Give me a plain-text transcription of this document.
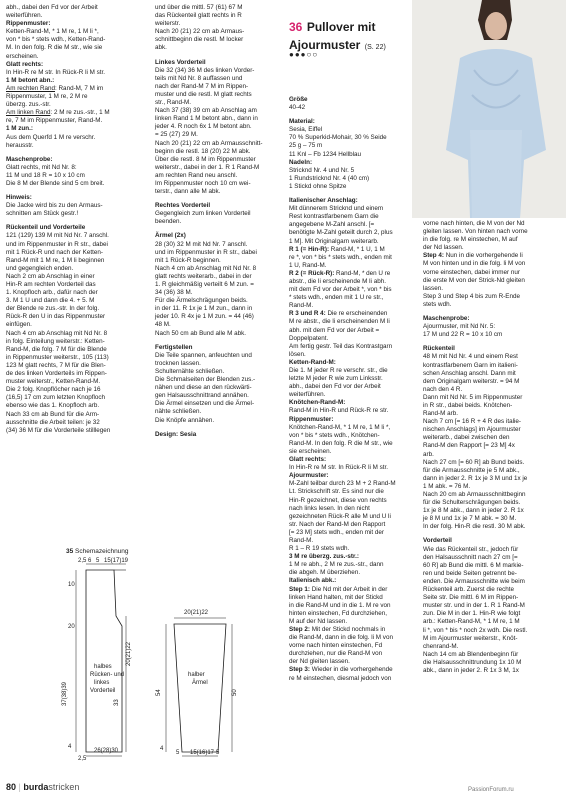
abh., dabei den Fd vor der Arbeit

weiterführen.

Rippenmuster:

Ketten-Rand-M, * 1 M re, 1 M li *,

von * bis * stets wdh., Ketten-Rand-

M. In den folg. R die M str., wie sie

erscheinen.

Glatt rechts:

In Hin-R re M str. In Rück-R li M str.

1 M betont abn.:

Am rechten Rand: Rand-M, 7 M im

Rippenmuster, 1 M re, 2 M re

überzg. zus.-str.

Am linken Rand: 2 M re zus.-str., 1 M

re, 7 M im Rippenmuster, Rand-M.

1 M zun.:

Aus dem Querfd 1 M re verschr.

herausstr.

Maschenprobe:

Glatt rechts, mit Nd Nr. 8:

11 M und 18 R = 10 x 10 cm

Die 8 M der Blende sind 5 cm breit.

Hinweis:

Die Jacke wird bis zu den Armaus-

schnitten am Stück gestr.!

Rückenteil und Vorderteile

121 (129) 139 M mit Nd Nr. 7 anschl.

und im Rippenmuster in R str., dabei

mit 1 Rück-R und nach der Ketten-

Rand-M mit 1 M re, 1 M li beginnen

und gegengleich enden.

Nach 2 cm ab Anschlag in einer

Hin-R am rechten Vorderteil das

1. Knopfloch arb., dafür nach der

3. M 1 U und dann die 4. + 5. M

der Blende re zus.-str. In der folg.

Rück-R den U in das Rippenmuster

einfügen.

Nach 4 cm ab Anschlag mit Nd Nr. 8

in folg. Einteilung weiterstr.: Ketten-

Rand-M, die folg. 7 M für die Blende

in Rippenmuster weiterstr., 105 (113)

123 M glatt rechts, 7 M für die Blen-

de des linken Vorderteils im Rippen-

muster weiterstr., Ketten-Rand-M.

Die 2 folg. Knopflöcher nach je 16

(16,5) 17 cm zum letzten Knopfloch

ebenso wie das 1. Knopfloch arb.

Nach 33 cm ab Bund für die Arm-

ausschnitte die Arbeit teilen: je 32

(34) 36 M für die Vorderteile stilllegen

und über die mittl. 57 (61) 67 M

das Rückenteil glatt rechts in R

weiterstr.

Nach 20 (21) 22 cm ab Armaus-

schnittbeginn die restl. M locker

abk.

Linkes Vorderteil

Die 32 (34) 36 M des linken Vorder-

teils mit Nd Nr. 8 auffassen und

nach der Rand-M 7 M im Rippen-

muster und die restl. M glatt rechts

str., Rand-M.

Nach 37 (38) 39 cm ab Anschlag am

linken Rand 1 M betont abn., dann in

jeder 4. R noch 6x 1 M betont abn.

= 25 (27) 29 M.

Nach 20 (21) 22 cm ab Armausschnitt-

beginn die restl. 18 (20) 22 M abk.

Über die restl. 8 M im Rippenmuster

weiterstr., dabei in der 1. R 1 Rand-M

am rechten Rand neu anschl.

Im Rippenmuster noch 10 cm wei-

terstr., dann alle M abk.

Rechtes Vorderteil

Gegengleich zum linken Vorderteil

beenden.

Ärmel (2x)

28 (30) 32 M mit Nd Nr. 7 anschl.

und im Rippenmuster in R str., dabei

mit 1 Rück-R beginnen.

Nach 4 cm ab Anschlag mit Nd Nr. 8

glatt rechts weiterarb., dabei in der

1. R gleichmäßig verteilt 6 M zun. =

34 (36) 38 M.

Für die Ärmelschrägungen beids.

in der 11. R 1x je 1 M zun., dann in

jeder 10. R 4x je 1 M zun. = 44 (46)

48 M.

Nach 50 cm ab Bund alle M abk.

Fertigstellen

Die Teile spannen, anfeuchten und

trocknen lassen.

Schulternähte schließen.

Die Schmalseiten der Blenden zus.-

nähen und diese an den rückwärti-

gen Halsausschnittrand annähen.

Die Ärmel einsetzen und die Ärmel-

nähte schließen.

Die Knöpfe annähen.

Design: Sesia

36 Pullover mit
Ajourmuster (S. 22)
●●●○○

Größe

40-42

Material:

Sesia, Eiffel

70 % Superkid-Mohair, 30 % Seide

25 g – 75 m

11 Knl – Fb 1234 Hellblau

Nadeln:

Stricknd Nr. 4 und Nr. 5

1 Rundstricknd Nr. 4 (40 cm)

1 Stickd ohne Spitze

Italienischer Anschlag:

Mit dünnerem Stricknd und einem

Rest kontrastfarbenem Garn die

angegebene M-Zahl anschl. [=

benötigte M-Zahl geteilt durch 2, plus

1 M]. Mit Originalgarn weiterarb.

R 1 (= Hin-R): Rand-M, * 1 U, 1 M

re *, von * bis * stets wdh., enden mit

1 U, Rand-M.

R 2 (= Rück-R): Rand-M, * den U re

abstr., die li erscheinende M li abh.

mit dem Fd vor der Arbeit *, von * bis

* stets wdh., enden mit 1 U re str.,

Rand-M.

R 3 und R 4: Die re erscheinenden

M re abstr., die li erscheinenden M li

abh. mit dem Fd vor der Arbeit =

Doppelpatent.

Am fertig gestr. Teil das Kontrastgarn

lösen.

Ketten-Rand-M:

Die 1. M jeder R re verschr. str., die

letzte M jeder R wie zum Linksstr.

abh., dabei den Fd vor der Arbeit

weiterführen.

Knötchen-Rand-M:

Rand-M in Hin-R und Rück-R re str.

Rippenmuster:

Knötchen-Rand-M, * 1 M re, 1 M li *,

von * bis * stets wdh., Knötchen-

Rand-M. In den folg. R die M str., wie

sie erscheinen.

Glatt rechts:

In Hin-R re M str. In Rück-R li M str.

Ajourmuster:

M-Zahl teilbar durch 23 M + 2 Rand-M

Lt. Strickschrift str. Es sind nur die

Hin-R gezeichnet, diese von rechts

nach links lesen. In den nicht

gezeichneten Rück-R alle M und U li

str. Nach der Rand-M den Rapport

[= 23 M] stets wdh., enden mit der

Rand-M.

R 1 – R 19 stets wdh.

3 M re überzg. zus.-str.:

1 M re abh., 2 M re zus.-str., dann

die abgeh. M überziehen.

Italienisch abk.:

Step 1: Die Nd mit der Arbeit in der

linken Hand halten, mit der Stickd

in die Rand-M und in die 1. M re von

hinten einstechen, Fd durchziehen,

M auf der Nd lassen.

Step 2: Mit der Stickd nochmals in

die Rand-M, dann in die folg. li M von

vorne nach hinten einstechen, Fd

durchziehen, nur die Rand-M von

der Nd gleiten lassen.

Step 3: Wieder in die vorhergehende

re M einstechen, diesmal jedoch von

vorne nach hinten, die M von der Nd

gleiten lassen. Von hinten nach vorne

in die folg. re M einstechen, M auf

der Nd lassen.

Step 4: Nun in die vorhergehende li

M von hinten und in die folg. li M von

vorne einstechen, dabei immer nur

die erste M von der Strick-Nd gleiten

lassen.

Step 3 und Step 4 bis zum R-Ende

stets wdh.

Maschenprobe:

Ajourmuster, mit Nd Nr. 5:

17 M und 22 R = 10 x 10 cm

Rückenteil

48 M mit Nd Nr. 4 und einem Rest

kontrastfarbenem Garn im italieni-

schen Anschlag anschl. Dann mit

dem Originalgarn weiterstr. = 94 M

nach den 4 R.

Dann mit Nd Nr. 5 im Rippenmuster

in R str., dabei beids. Knötchen-

Rand-M arb.

Nach 7 cm [= 16 R + 4 R des italie-

nischen Anschlags] im Ajourmuster

weiterarb., dabei zwischen den

Rand-M den Rapport [= 23 M] 4x

arb.

Nach 27 cm [= 60 R] ab Bund beids.

für die Armausschnitte je 5 M abk.,

dann in jeder 2. R 1x je 3 M und 1x je

1 M abk. = 76 M.

Nach 20 cm ab Armausschnittbeginn

für die Schulterschrägungen beids.

1x je 8 M abk., dann in jeder 2. R 1x

je 8 M und 1x je 7 M abk. = 30 M.

In der folg. Hin-R die restl. 30 M abk.

Vorderteil

Wie das Rückenteil str., jedoch für

den Halsausschnitt nach 27 cm [=

60 R] ab Bund die mittl. 6 M markie-

ren und beide Seiten getrennt be-

enden. Die Armausschnitte wie beim

Rückenteil arb. Zuerst die rechte

Seite str. Die mittl. 6 M im Rippen-

muster str. und in der 1. R 1 Rand-M

zun. Die M in der 1. Hin-R wie folgt

arb.: Ketten-Rand-M, * 1 M re, 1 M

li *, von * bis * noch 2x wdh. Die restl.

M im Ajourmuster weiterstr., Knöt-

chenrand-M.

Nach 14 cm ab Blendenbeginn für

die Halsausschnittrundung 1x 10 M

abk., dann in jeder 2. R 1x 3 M, 1x

35 Schemazeichnung
2,5 6 5 15(17)19
10
20
37(38)39
4
20(21)22
33
halbes
Rücken- und
linkes
Vorderteil
26(28)30
2,5
20(21)22
halber
Ärmel
54	50
4
5 15(16)17 5
80 | burdastricken	PassionForum.ru
